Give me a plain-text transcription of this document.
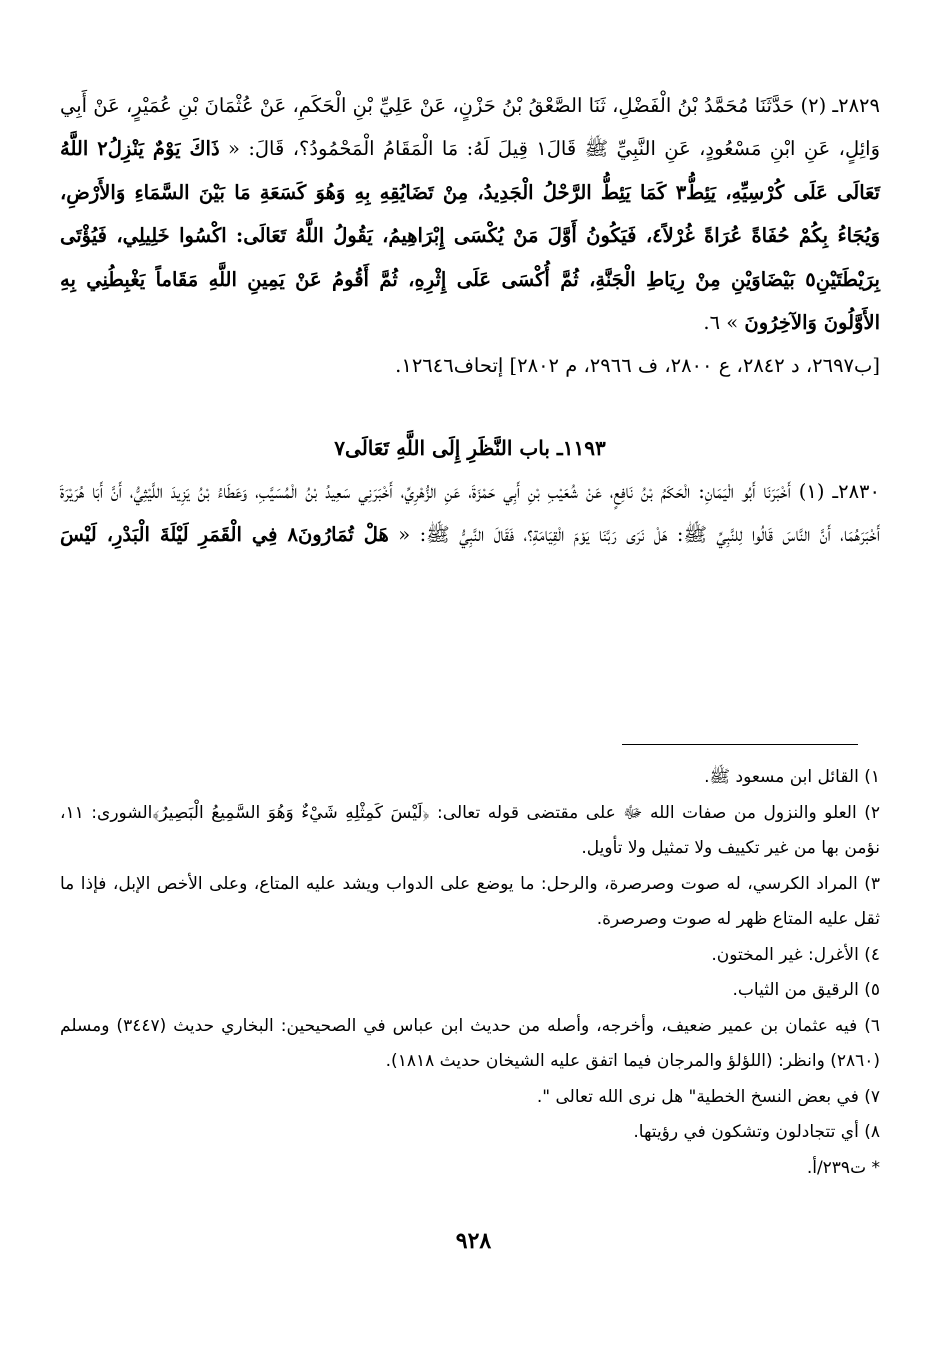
٢٨٢٩ـ (٢) حَدَّثَنَا مُحَمَّدُ بْنُ الْفَضْلِ، ثَنَا الصَّعْقُ بْنُ حَزْنٍ، عَنْ عَلِيِّ بْنِ الْحَكَمِ، عَنْ عُثْمَانَ بْنِ عُمَيْرٍ، عَنْ أَبِي وَائِلٍ، عَنِ ابْنِ مَسْعُودٍ، عَنِ النَّبِيِّ ﷺ قَالَ١ قِيلَ لَهُ: مَا الْمَقَامُ الْمَحْمُودُ؟، قَالَ: « ذَاكَ يَوْمٌ يَنْزِلُ٢ اللَّهُ تَعَالَى عَلَى كُرْسِيِّهِ، يَئِطُّ٣ كَمَا يَئِطُّ الرَّحْلُ الْجَدِيدُ، مِنْ تَضَايُقِهِ بِهِ وَهُوَ كَسَعَةِ مَا بَيْنَ السَّمَاءِ وَالأَرْضِ، وَيُجَاءُ بِكُمْ حُفَاةً عُرَاةً غُرْلاً٤، فَيَكُونُ أَوَّلَ مَنْ يُكْسَى إِبْرَاهِيمُ، يَقُولُ اللَّهُ تَعَالَى: اكْسُوا خَلِيلِي، فَيُؤْتَى بِرَيْطَتَيْنِ٥ بَيْضَاوَيْنِ مِنْ رِيَاطِ الْجَنَّةِ، ثُمَّ أُكْسَى عَلَى إِثْرِهِ، ثُمَّ أَقُومُ عَنْ يَمِينِ اللَّهِ مَقَاماً يَغْبِطُنِي بِهِ الأَوَّلُونَ وَالآخِرُونَ » ٦.

[ب٢٦٩٧، د ٢٨٤٢، ع ٢٨٠٠، ف ٢٩٦٦، م ٢٨٠٢] إتحاف١٢٦٤٦.

١١٩٣ـ باب النَّظَرِ إِلَى اللَّهِ تَعَالَى٧

٢٨٣٠ـ (١) أَخْبَرَنَا أَبُو الْيَمَانِ: الْحَكَمُ بْنُ نَافِعٍ، عَنْ شُعَيْبِ بْنِ أَبِي حَمْزَةَ، عَنِ الزُّهْرِيِّ، أَخْبَرَنِي سَعِيدُ بْنُ الْمُسَيَّبِ، وَعَطَاءُ بْنُ يَزِيدَ اللَّيْثِيُّ، أَنَّ أَبَا هُرَيْرَةَ أَخْبَرَهُمَا، أَنَّ النَّاسَ قَالُوا لِلنَّبِيِّ ﷺ: هَلْ نَرَى رَبَّنَا يَوْمَ الْقِيَامَةِ؟، فَقَالَ النَّبِيُّ ﷺ: « هَلْ تُمَارُونَ٨ فِي الْقَمَرِ لَيْلَةَ الْبَدْرِ، لَيْسَ

١) القائل ابن مسعود ﷺ.

٢) العلو والنزول من صفات الله ﷻ على مقتضى قوله تعالى: ﴿لَيْسَ كَمِثْلِهِ شَيْءٌ وَهُوَ السَّمِيعُ الْبَصِيرُ﴾الشورى: ١١، نؤمن بها من غير تكييف ولا تمثيل ولا تأويل.

٣) المراد الكرسي، له صوت وصرصرة، والرحل: ما يوضع على الدواب ويشد عليه المتاع، وعلى الأخص الإبل، فإذا ما ثقل عليه المتاع ظهر له صوت وصرصرة.

٤) الأغرل: غير المختون.

٥) الرقيق من الثياب.

٦) فيه عثمان بن عمير ضعيف، وأخرجه، وأصله من حديث ابن عباس في الصحيحين: البخاري حديث (٣٤٤٧) ومسلم (٢٨٦٠) وانظر: (اللؤلؤ والمرجان فيما اتفق عليه الشيخان حديث ١٨١٨).

٧) في بعض النسخ الخطية" هل نرى الله تعالى ".

٨) أي تتجادلون وتشكون في رؤيتها.

* ت٢٣٩/أ.

٩٢٨
